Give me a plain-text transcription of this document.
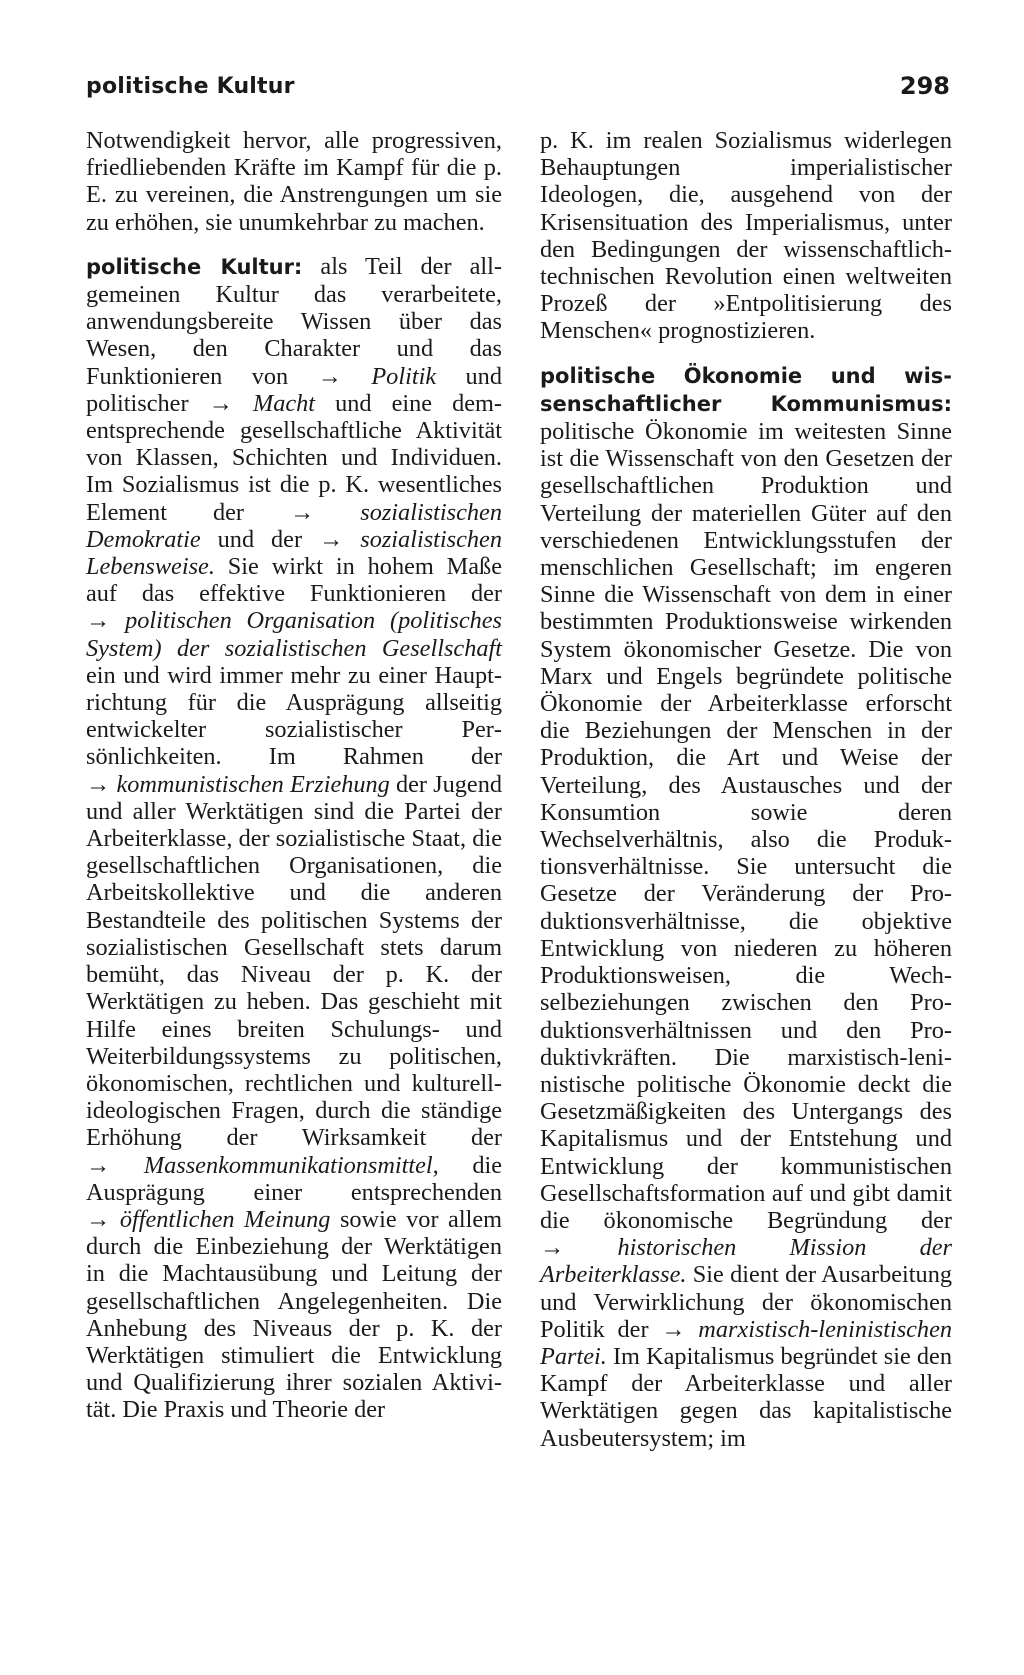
politische Kultur	298

Notwendigkeit hervor, alle progressiven, friedliebenden Kräfte im Kampf für die p. E. zu vereinen, die Anstrengungen um sie zu erhöhen, sie unumkehrbar zu machen.

politische Kultur: als Teil der allgemeinen Kultur das verarbeitete, anwendungsbereite Wissen über das Wesen, den Charakter und das Funktionieren von → Politik und politischer → Macht und eine dementsprechende gesellschaftliche Aktivität von Klassen, Schichten und Individuen. Im Sozialismus ist die p. K. wesentliches Element der →	sozialistischen Demokratie und der → sozialistischen Lebensweise. Sie wirkt in hohem Maße auf das effektive Funktionieren der → politischen Organisation (politisches System) der sozialistischen Gesellschaft ein und wird immer mehr zu einer Hauptrichtung für die Ausprägung allseitig entwickelter sozialistischer Persönlichkeiten. Im Rahmen der → kommunistischen Erziehung der Jugend und aller Werktätigen sind die Partei der Arbeiterklasse, der sozialistische Staat, die gesellschaftlichen Organisationen, die Arbeitskollektive und die anderen Bestandteile des politischen Systems der sozialistischen Gesellschaft stets darum bemüht, das Niveau der p. K. der Werktätigen zu heben. Das geschieht mit Hilfe eines breiten Schulungs- und Weiterbildungssystems zu politischen, ökonomischen, rechtlichen und kulturell-ideologischen Fragen, durch die ständige Erhöhung der Wirksamkeit der → Massenkommunikationsmittel, die Ausprägung einer entsprechenden → öffentlichen Meinung sowie vor allem durch die Einbeziehung der Werktätigen in die Machtausübung und Leitung der gesellschaftlichen Angelegenheiten. Die Anhebung des Niveaus der p. K. der Werktätigen stimuliert die Entwicklung und Qualifizierung ihrer sozialen Aktivität. Die Praxis und Theorie der

p. K. im realen Sozialismus widerlegen Behauptungen imperialistischer Ideologen, die, ausgehend von der Krisensituation des Imperialismus, unter den Bedingungen der wissenschaftlich-technischen Revolution einen weltweiten Prozeß der »Entpolitisierung des Menschen« prognostizieren.

politische Ökonomie und wissenschaftlicher Kommunismus: politische Ökonomie im weitesten Sinne ist die Wissenschaft von den Gesetzen der gesellschaftlichen Produktion und Verteilung der materiellen Güter auf den verschiedenen Entwicklungsstufen der menschlichen Gesellschaft; im engeren Sinne die Wissenschaft von dem in einer bestimmten Produktionsweise wirkenden System ökonomischer Gesetze. Die von Marx und Engels begründete politische Ökonomie der Arbeiterklasse erforscht die Beziehungen der Menschen in der Produktion, die Art und Weise der Verteilung, des Austausches und der Konsumtion sowie deren Wechselverhältnis, also die Produktionsverhältnisse. Sie untersucht die Gesetze der Veränderung der Produktionsverhältnisse, die objektive Entwicklung von niederen zu höheren Produktionsweisen, die Wechselbeziehungen zwischen den Produktionsverhältnissen und den Produktivkräften. Die marxistisch-leninistische politische Ökonomie deckt die Gesetzmäßigkeiten des Untergangs des Kapitalismus und der Entstehung und Entwicklung der kommunistischen Gesellschaftsformation auf und gibt damit die ökonomische Begründung der → historischen Mission der Arbeiterklasse. Sie dient der Ausarbeitung und Verwirklichung der ökonomischen Politik der → marxistisch-leninistischen Partei. Im Kapitalismus begründet sie den Kampf der Arbeiterklasse und aller Werktätigen gegen das kapitalistische Ausbeutersystem; im
